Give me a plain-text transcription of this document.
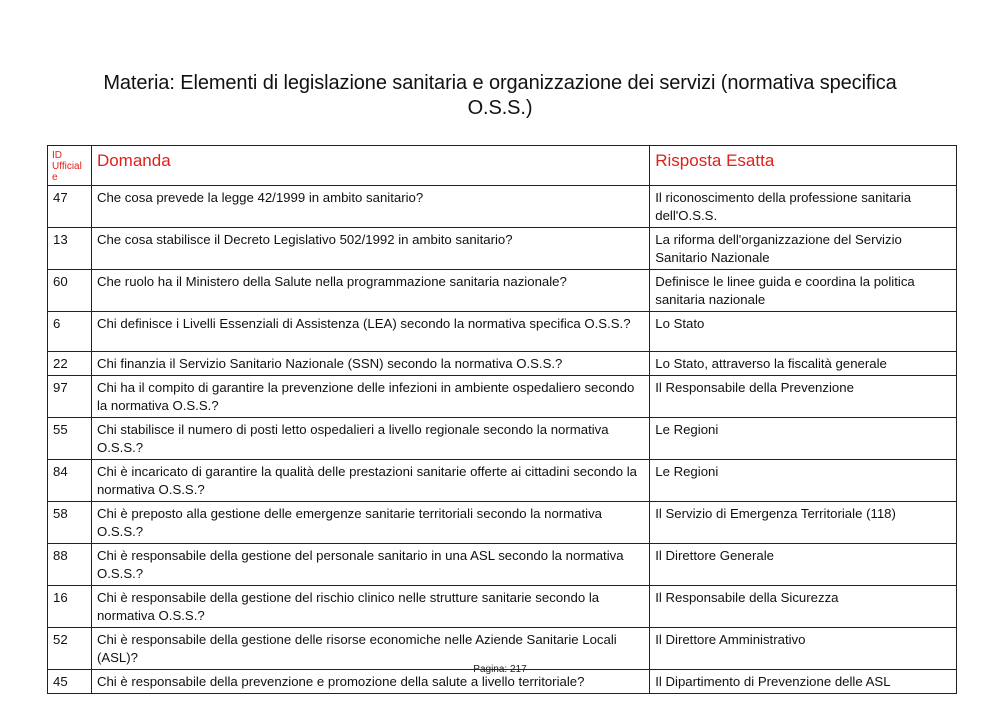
Materia: Elementi di legislazione sanitaria e organizzazione dei servizi (normativa specifica O.S.S.)
ID Ufficiale	Domanda	Risposta Esatta
47	Che cosa prevede la legge 42/1999 in ambito sanitario?	Il riconoscimento della professione sanitaria dell'O.S.S.
13	Che cosa stabilisce il Decreto Legislativo 502/1992 in ambito sanitario?	La riforma dell'organizzazione del Servizio Sanitario Nazionale
60	Che ruolo ha il Ministero della Salute nella programmazione sanitaria nazionale?	Definisce le linee guida e coordina la politica sanitaria nazionale
6	Chi definisce i Livelli Essenziali di Assistenza (LEA) secondo la normativa specifica O.S.S.?	Lo Stato
22	Chi finanzia il Servizio Sanitario Nazionale (SSN) secondo la normativa O.S.S.?	Lo Stato, attraverso la fiscalità generale
97	Chi ha il compito di garantire la prevenzione delle infezioni in ambiente ospedaliero secondo la normativa O.S.S.?	Il Responsabile della Prevenzione
55	Chi stabilisce il numero di posti letto ospedalieri a livello regionale secondo la normativa O.S.S.?	Le Regioni
84	Chi è incaricato di garantire la qualità delle prestazioni sanitarie offerte ai cittadini secondo la normativa O.S.S.?	Le Regioni
58	Chi è preposto alla gestione delle emergenze sanitarie territoriali secondo la normativa O.S.S.?	Il Servizio di Emergenza Territoriale (118)
88	Chi è responsabile della gestione del personale sanitario in una ASL secondo la normativa O.S.S.?	Il Direttore Generale
16	Chi è responsabile della gestione del rischio clinico nelle strutture sanitarie secondo la normativa O.S.S.?	Il Responsabile della Sicurezza
52	Chi è responsabile della gestione delle risorse economiche nelle Aziende Sanitarie Locali (ASL)?	Il Direttore Amministrativo
45	Chi è responsabile della prevenzione e promozione della salute a livello territoriale?	Il Dipartimento di Prevenzione delle ASL
Pagina: 217
